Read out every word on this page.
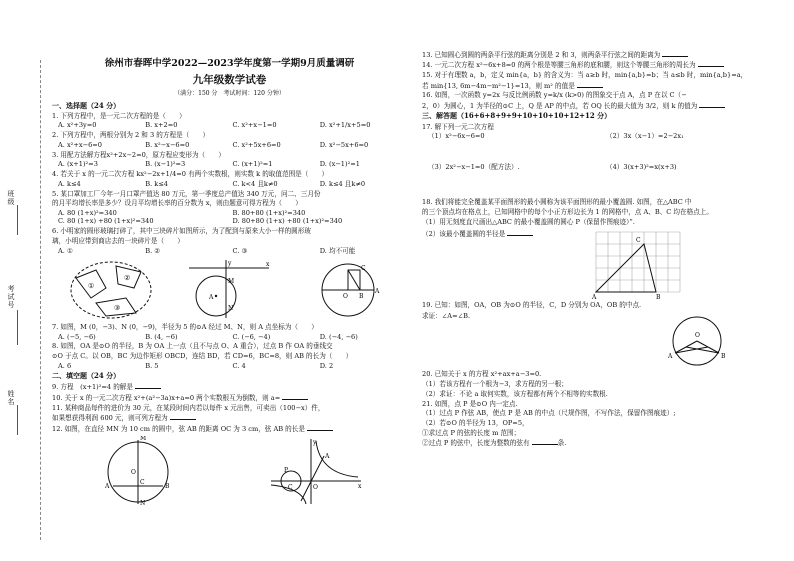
班级
考试号
姓名
徐州市春晖中学2022—2023学年度第一学期9月质量调研
九年级数学试卷
（满分：150 分　考试时间：120 分钟）
一、选择题（24 分）

1. 下列方程中，是一元二次方程的是（　　）

A. x²+3y=0	B. x+2=0	C. x²+x−1=0	D. x²+1/x+5=0

2. 下列方程中，两根分别为 2 和 3 的方程是（　　）

A. x²+x−6=0	B. x²−x−6=0	C. x²+5x+6=0	D. x²−5x+6=0

3. 用配方法解方程x²+2x−2=0，原方程应变形为（　　）

A. (x+1)²=3	B. (x−1)²=3	C. (x+1)²=1	D. (x−1)²=1

4. 若关于 x 的一元二次方程 kx²−2x+1/4=0 有两个实数根，则实数 k 的取值范围是（　　）

A. k≤4	B. k≤4	C. k<4 且k≠0	D. k≤4 且k≠0

5. 某口罩加工厂今年一月口罩产值达 80 万元，第一季度总产值达 340 万元，问二、三月份

的月平均增长率是多少？设月平均增长率的百分数为 x，则由题意可得方程为（　　）

A. 80 (1+x)²=340	B. 80+80 (1+x)²=340
C. 80 (1+x) +80 (1+x)²=340	D. 80+80 (1+x) +80 (1+x)²=340

6. 小明家的圆形玻璃打碎了，其中三块碎片如图所示，为了配到与原来大小一样的圆形玻

璃，小明应带到商店去的一块碎片是（　　）

A. ①	B. ②	C. ③	D. 均不可能
①
②
③
x
y
M
N
A	O
A
B
C

7. 如图，M (0，−3)、N (0，−9)，半径为 5 的⊙A 经过 M、N，则 A 点坐标为（　　）

A. (−5, −6)	B. (4, −6)	C. (−6, −4)	D. (−4, −6)

8. 如图，OA 是⊙O 的半径，B 为 OA 上一点（且不与点 O、A 重合），过点 B 作 OA 的垂线交

⊙O 于点 C。以 OB，BC 为边作矩形 OBCD，连结 BD，若 CD=6，BC=8，则 AB 的长为（　　）

A. 6	B. 5	C. 4	D. 2
二、填空题（24 分）

9. 方程　(x+1)²=4 的解是

10. 关于 x 的一元二次方程 x²+(a²−3a)x+a=0 两个实数根互为倒数，则 a=

11. 某种商品每件的进价为 30 元，在某段时间内若以每件 x 元出售，可卖出（100−x）件，

如果想获得利润 600 元，则可列方程为

12. 如图，在直径 MN 为 10 cm 的圆中，弦 AB 的距离 OC 为 3 cm，弦 AB 的长是

M
N
A	B
O
C
x
y
A
P
C	O

13. 已知圆心到圆的两条平行弦的距离分别是 2 和 3，则两条平行弦之间的距离为

14. 一元二次方程 x²−6x+8=0 的两个根是等腰三角形的底和腰，则这个等腰三角形的周长为

15. 对于有理数 a，b，定义 min{a，b} 的含义为：当 a≥b 时，min{a,b}=b；当 a≤b 时，min{a,b}=a，

若 min{13, 6m−4m−m²−1}=13，则 m² 的值是

16. 如图，一次函数 y=2x 与反比例函数 y=k/x (k>0) 的图象交于点 A，点 P 在以 C（−

2，0）为圆心，1 为半径的⊙C 上，Q 是 AP 的中点，若 OQ 长的最大值为 3/2，则 k 的值为

三、解答题（16+6+8+9+9+10+10+10+12+12 分）

17. 解下列一元二次方程

（1）x²−6x−6=0	（2）3x（x−1）=2−2x₁
（3）2x²−x−1=0（配方法）.	（4）3(x+3)²=x(x+3)

18. 我们将能完全覆盖某平面图形的最小圆称为该平面图形的最小覆盖圆. 如图，在△ABC 中

的三个顶点均在格点上，已知网格中的每个小正方形边长为 1 的网格中，点 A、B、C 均在格点上。

（1）用无刻度直尺画出△ABC 的最小覆盖圆的圆心 P（保留作图痕迹）”.

（2）该最小覆盖圆的半径是

A	B
C

19. 已知：如图，OA，OB 为⊙O 的半径，C，D 分别为 OA，OB 的中点.

求证：∠A=∠B.

O
A	B

20. 已知关于 x 的方程 x²+ax+a−3=0.

（1）若该方程有一个根为−3，求方程的另一根；

（2）求证：不论 a 取何实数，该方程都有两个不相等的实数根.

21. 如图，点 P 是⊙O 内一定点.

（1）过点 P 作弦 AB，使点 P 是 AB 的中点（尺规作图，不写作法，保留作图痕迹）;

（2）若⊙O 的半径为 13，OP=5，

①求过点 P 的弦的长度 m 范围；

②过点 P 的弦中，长度为整数的弦有	条.
